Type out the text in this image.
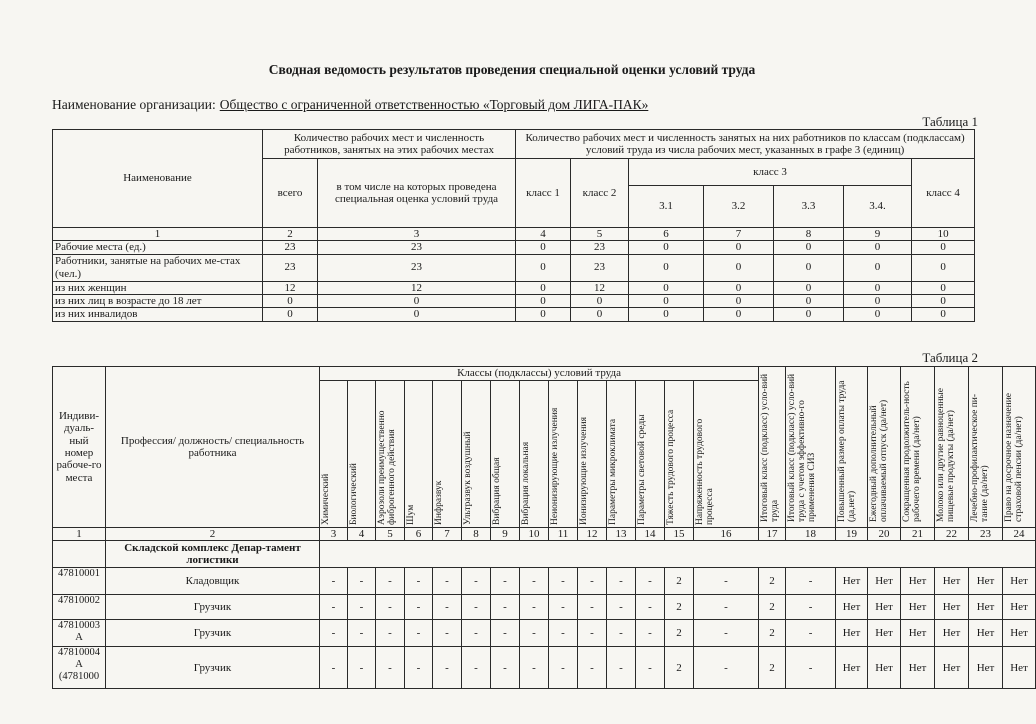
Сводная ведомость результатов проведения специальной оценки условий труда
Наименование организации: Общество с ограниченной ответственностью «Торговый дом ЛИГА-ПАК»
Таблица 1
Наименование	Количество рабочих мест и численность работников, занятых на этих рабочих местах		Количество рабочих мест и численность занятых на них работников по классам (подклассам) условий труда из числа рабочих мест, указанных в графе 3 (единиц)						
	всего	в том числе на которых проведена специальная оценка условий труда	класс 1	класс 2	класс 3				класс 4
					3.1	3.2	3.3	3.4.	
1	2	3	4	5	6	7	8	9	10
Рабочие места (ед.)	23	23	0	23	0	0	0	0	0
Работники, занятые на рабочих ме-стах (чел.)	23	23	0	23	0	0	0	0	0
из них женщин	12	12	0	12	0	0	0	0	0
из них лиц в возрасте до 18 лет	0	0	0	0	0	0	0	0	0
из них инвалидов	0	0	0	0	0	0	0	0	0
Таблица 2
Индиви-дуаль-ный номер рабоче-го места	Профессия/ должность/ специальность работника	Классы (подклассы) условий труда														Итоговый класс (подкласс) усло-вий труда	Итоговый класс (подкласс) усло-вий труда с учетом эффективно-го применения СИЗ	Повышенный размер оплаты труда (да,нет)	Ежегодный дополнительный оплачиваемый отпуск (да/нет)	Сокращенная продолжитель-ность рабочего времени (да/нет)	Молоко или другие равноценные пищевые продукты (да/нет)	Лечебно-профилактическое пи-тание (да/нет)	Право на досрочное назначение страховой пенсии (да/нет)

		Химический	Биологический	Аэрозоли преимущественно фиброгенного действия	Шум	Инфразвук	Ультразвук воздушный	Вибрация общая	Вибрация локальная	Неионизирующие излучения	Ионизирующие излучения	Параметры микроклимата	Параметры световой среды	Тяжесть трудового процесса	Напряженность трудового процесса								

1	2	3	4	5	6	7	8	9	10	11	12	13	14	15	16	17	18	19	20	21	22	23	24
	Складской комплекс Депар-тамент логистики																						
47810001	Кладовщик	-	-	-	-	-	-	-	-	-	-	-	-	2	-	2	-	Нет	Нет	Нет	Нет	Нет	Нет
47810002	Грузчик	-	-	-	-	-	-	-	-	-	-	-	-	2	-	2	-	Нет	Нет	Нет	Нет	Нет	Нет
47810003 А	Грузчик	-	-	-	-	-	-	-	-	-	-	-	-	2	-	2	-	Нет	Нет	Нет	Нет	Нет	Нет
47810004 А (4781000	Грузчик	-	-	-	-	-	-	-	-	-	-	-	-	2	-	2	-	Нет	Нет	Нет	Нет	Нет	Нет
